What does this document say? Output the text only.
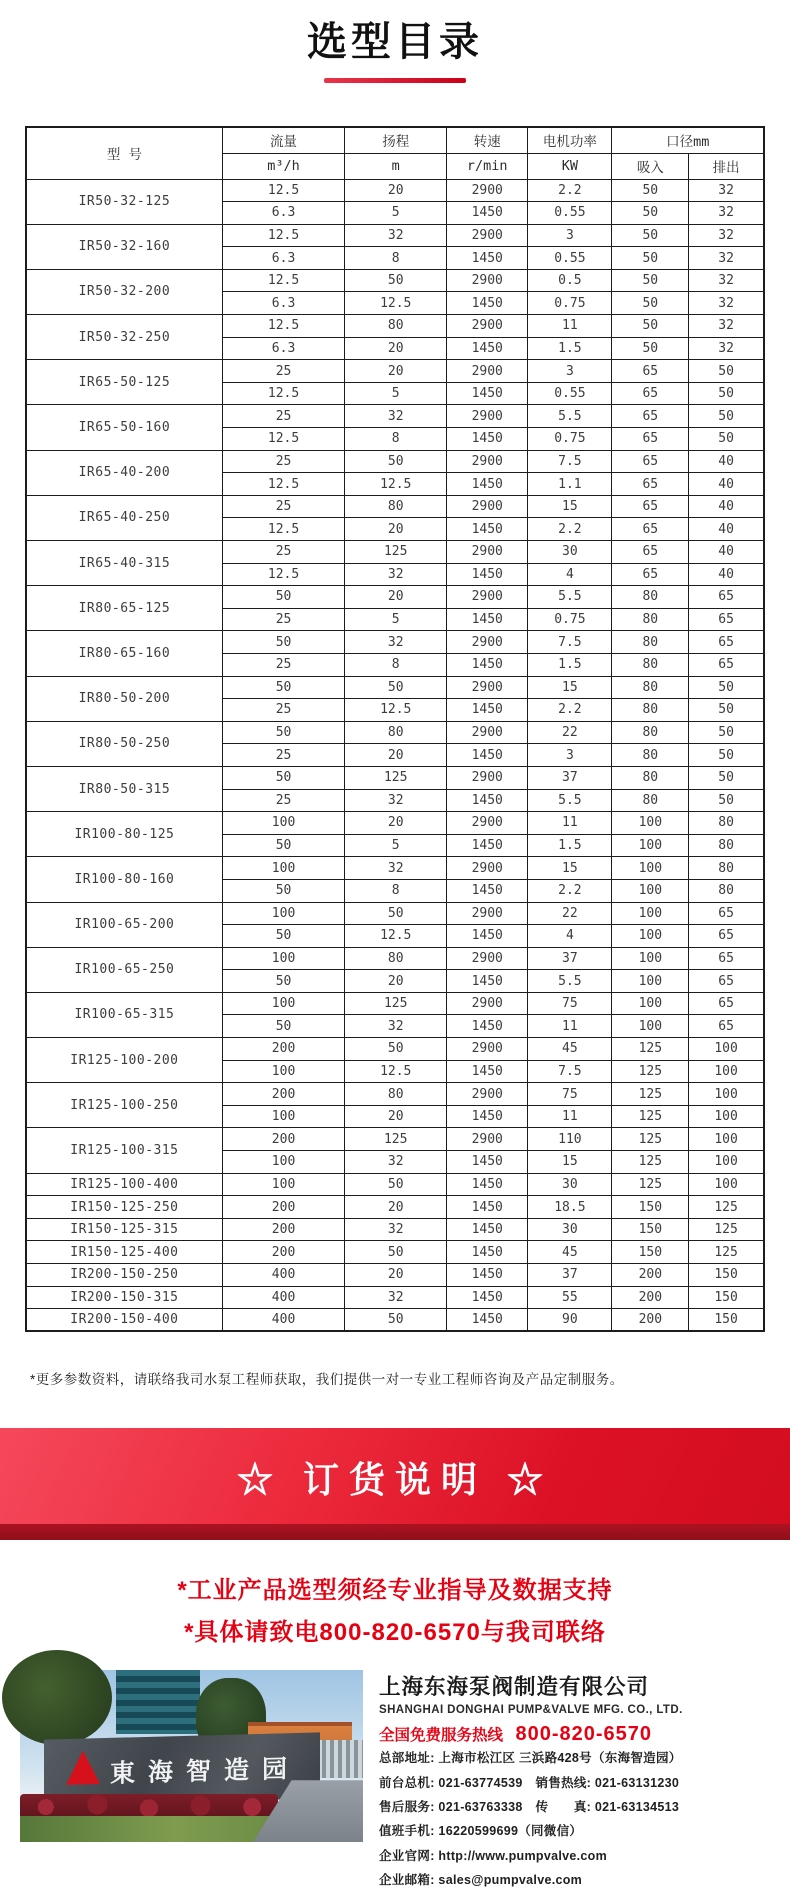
选型目录
型 号	流量	扬程	转速	电机功率	口径mm	
	m³/h	m	r/min	KW	吸入	排出
IR50-32-125	12.5	20	2900	2.2	50	32
	6.3	5	1450	0.55	50	32
IR50-32-160	12.5	32	2900	3	50	32
	6.3	8	1450	0.55	50	32
IR50-32-200	12.5	50	2900	0.5	50	32
	6.3	12.5	1450	0.75	50	32
IR50-32-250	12.5	80	2900	11	50	32
	6.3	20	1450	1.5	50	32
IR65-50-125	25	20	2900	3	65	50
	12.5	5	1450	0.55	65	50
IR65-50-160	25	32	2900	5.5	65	50
	12.5	8	1450	0.75	65	50
IR65-40-200	25	50	2900	7.5	65	40
	12.5	12.5	1450	1.1	65	40
IR65-40-250	25	80	2900	15	65	40
	12.5	20	1450	2.2	65	40
IR65-40-315	25	125	2900	30	65	40
	12.5	32	1450	4	65	40
IR80-65-125	50	20	2900	5.5	80	65
	25	5	1450	0.75	80	65
IR80-65-160	50	32	2900	7.5	80	65
	25	8	1450	1.5	80	65
IR80-50-200	50	50	2900	15	80	50
	25	12.5	1450	2.2	80	50
IR80-50-250	50	80	2900	22	80	50
	25	20	1450	3	80	50
IR80-50-315	50	125	2900	37	80	50
	25	32	1450	5.5	80	50
IR100-80-125	100	20	2900	11	100	80
	50	5	1450	1.5	100	80
IR100-80-160	100	32	2900	15	100	80
	50	8	1450	2.2	100	80
IR100-65-200	100	50	2900	22	100	65
	50	12.5	1450	4	100	65
IR100-65-250	100	80	2900	37	100	65
	50	20	1450	5.5	100	65
IR100-65-315	100	125	2900	75	100	65
	50	32	1450	11	100	65
IR125-100-200	200	50	2900	45	125	100
	100	12.5	1450	7.5	125	100
IR125-100-250	200	80	2900	75	125	100
	100	20	1450	11	125	100
IR125-100-315	200	125	2900	110	125	100
	100	32	1450	15	125	100
IR125-100-400	100	50	1450	30	125	100
IR150-125-250	200	20	1450	18.5	150	125
IR150-125-315	200	32	1450	30	150	125
IR150-125-400	200	50	1450	45	150	125
IR200-150-250	400	20	1450	37	200	150
IR200-150-315	400	32	1450	55	200	150
IR200-150-400	400	50	1450	90	200	150
*更多参数资料，请联络我司水泵工程师获取，我们提供一对一专业工程师咨询及产品定制服务。
☆ 订货说明 ☆
*工业产品选型须经专业指导及数据支持
*具体请致电800-820-6570与我司联络
東海智造园
上海东海泵阀制造有限公司
SHANGHAI DONGHAI PUMP&VALVE MFG. CO., LTD.
全国免费服务热线 800-820-6570
总部地址: 上海市松江区 三浜路428号（东海智造园）
前台总机: 021-63774539　销售热线: 021-63131230
售后服务: 021-63763338　传　　真: 021-63134513
值班手机: 16220599699（同微信）
企业官网: http://www.pumpvalve.com
企业邮箱: sales@pumpvalve.com
